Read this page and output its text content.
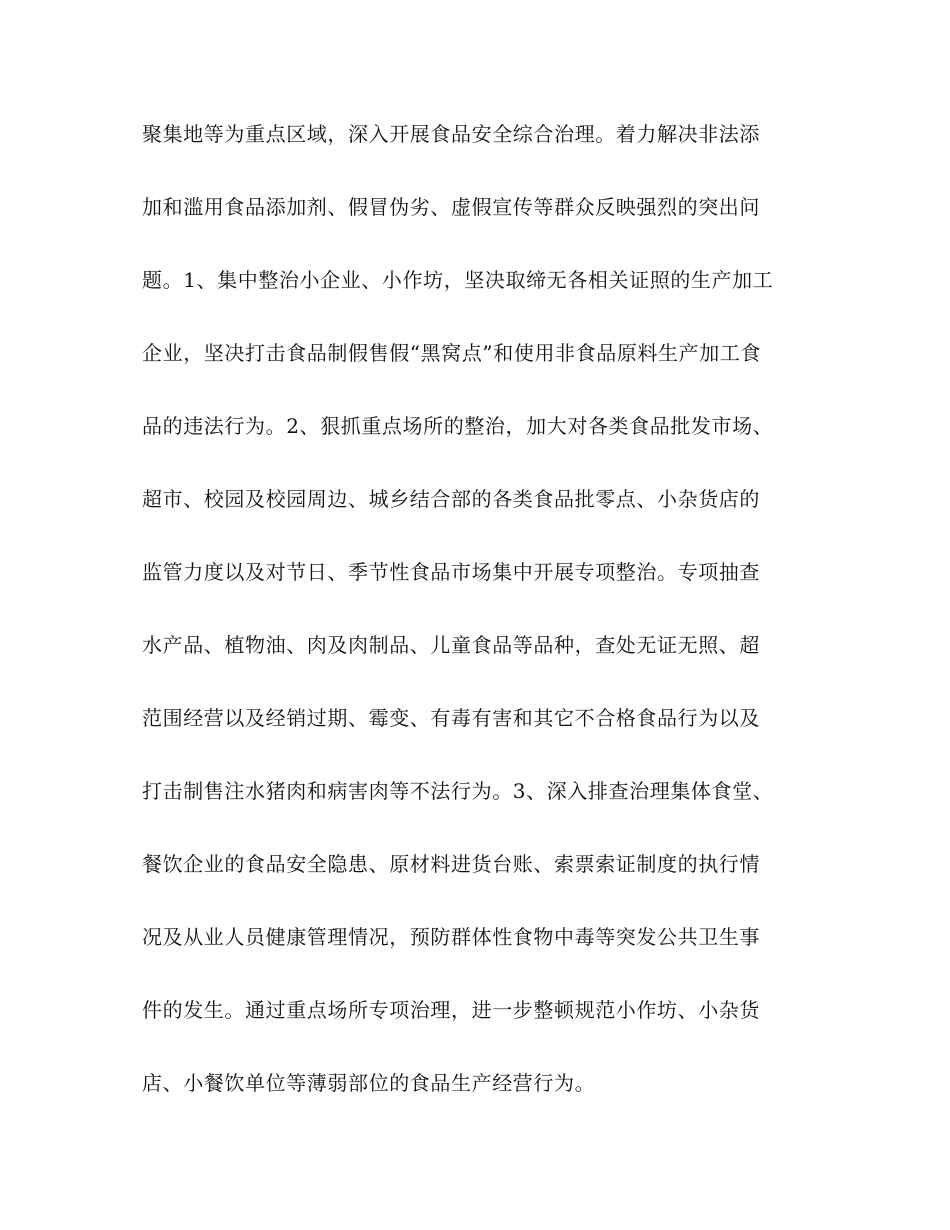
聚集地等为重点区域，深入开展食品安全综合治理。着力解决非法添
加和滥用食品添加剂、假冒伪劣、虚假宣传等群众反映强烈的突出问
题。1、集中整治小企业、小作坊，坚决取缔无各相关证照的生产加工
企业，坚决打击食品制假售假“黑窝点”和使用非食品原料生产加工食
品的违法行为。2、狠抓重点场所的整治，加大对各类食品批发市场、
超市、校园及校园周边、城乡结合部的各类食品批零点、小杂货店的
监管力度以及对节日、季节性食品市场集中开展专项整治。专项抽查
水产品、植物油、肉及肉制品、儿童食品等品种，查处无证无照、超
范围经营以及经销过期、霉变、有毒有害和其它不合格食品行为以及
打击制售注水猪肉和病害肉等不法行为。3、深入排查治理集体食堂、
餐饮企业的食品安全隐患、原材料进货台账、索票索证制度的执行情
况及从业人员健康管理情况，预防群体性食物中毒等突发公共卫生事
件的发生。通过重点场所专项治理，进一步整顿规范小作坊、小杂货
店、小餐饮单位等薄弱部位的食品生产经营行为。
